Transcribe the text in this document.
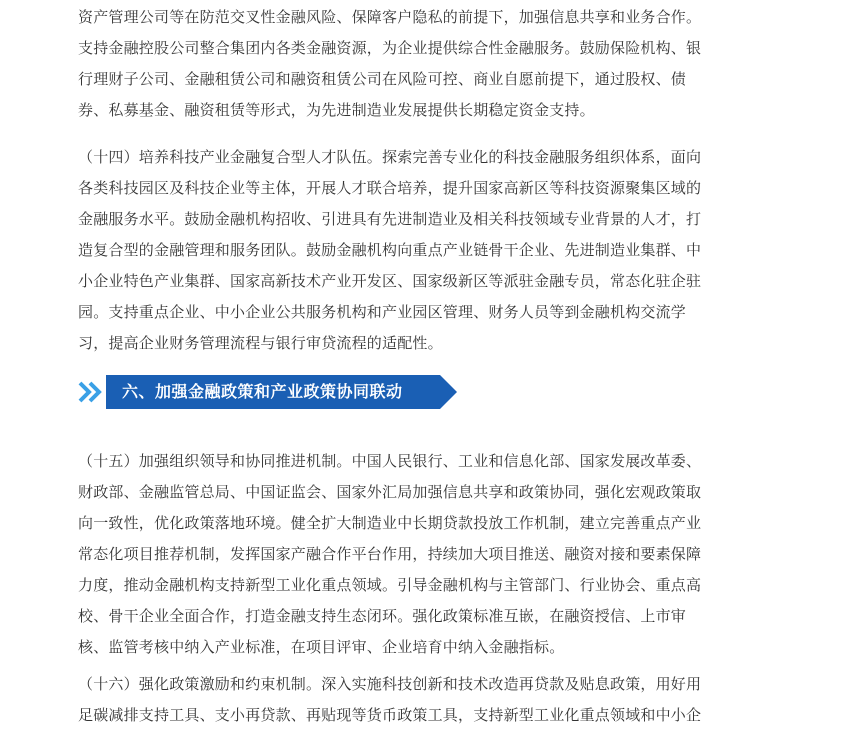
资产管理公司等在防范交叉性金融风险、保障客户隐私的前提下，加强信息共享和业务合作。
支持金融控股公司整合集团内各类金融资源，为企业提供综合性金融服务。鼓励保险机构、银
行理财子公司、金融租赁公司和融资租赁公司在风险可控、商业自愿前提下，通过股权、债
券、私募基金、融资租赁等形式，为先进制造业发展提供长期稳定资金支持。

（十四）培养科技产业金融复合型人才队伍。探索完善专业化的科技金融服务组织体系，面向
各类科技园区及科技企业等主体，开展人才联合培养，提升国家高新区等科技资源聚集区域的
金融服务水平。鼓励金融机构招收、引进具有先进制造业及相关科技领域专业背景的人才，打
造复合型的金融管理和服务团队。鼓励金融机构向重点产业链骨干企业、先进制造业集群、中
小企业特色产业集群、国家高新技术产业开发区、国家级新区等派驻金融专员，常态化驻企驻
园。支持重点企业、中小企业公共服务机构和产业园区管理、财务人员等到金融机构交流学
习，提高企业财务管理流程与银行审贷流程的适配性。

六、加强金融政策和产业政策协同联动

（十五）加强组织领导和协同推进机制。中国人民银行、工业和信息化部、国家发展改革委、
财政部、金融监管总局、中国证监会、国家外汇局加强信息共享和政策协同，强化宏观政策取
向一致性，优化政策落地环境。健全扩大制造业中长期贷款投放工作机制，建立完善重点产业
常态化项目推荐机制，发挥国家产融合作平台作用，持续加大项目推送、融资对接和要素保障
力度，推动金融机构支持新型工业化重点领域。引导金融机构与主管部门、行业协会、重点高
校、骨干企业全面合作，打造金融支持生态闭环。强化政策标准互嵌，在融资授信、上市审
核、监管考核中纳入产业标准，在项目评审、企业培育中纳入金融指标。

（十六）强化政策激励和约束机制。深入实施科技创新和技术改造再贷款及贴息政策，用好用
足碳减排支持工具、支小再贷款、再贴现等货币政策工具，支持新型工业化重点领域和中小企
